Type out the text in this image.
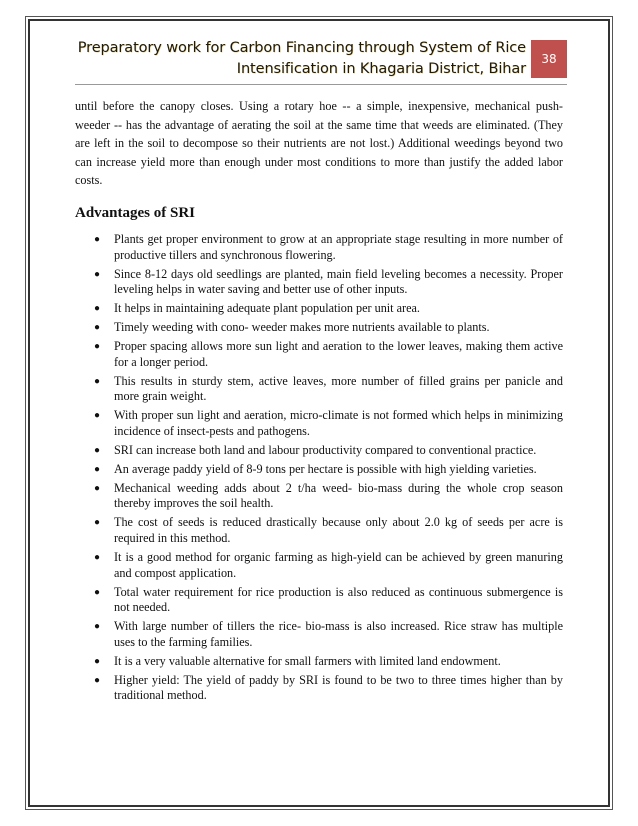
Preparatory work for Carbon Financing through System of Rice
Intensification in Khagaria District, Bihar
38

until before the canopy closes. Using a rotary hoe -- a simple, inexpensive, mechanical push-weeder -- has the advantage of aerating the soil at the same time that weeds are eliminated. (They are left in the soil to decompose so their nutrients are not lost.) Additional weedings beyond two can increase yield more than enough under most conditions to more than justify the added labor costs.

Advantages of SRI
● Plants get proper environment to grow at an appropriate stage resulting in more number of productive tillers and synchronous flowering.
● Since 8-12 days old seedlings are planted, main field leveling becomes a necessity. Proper leveling helps in water saving and better use of other inputs.
● It helps in maintaining adequate plant population per unit area.
● Timely weeding with cono- weeder makes more nutrients available to plants.
● Proper spacing allows more sun light and aeration to the lower leaves, making them active for a longer period.
● This results in sturdy stem, active leaves, more number of filled grains per panicle and more grain weight.
● With proper sun light and aeration, micro-climate is not formed which helps in minimizing incidence of insect-pests and pathogens.
● SRI can increase both land and labour productivity compared to conventional practice.
● An average paddy yield of 8-9 tons per hectare is possible with high yielding varieties.
● Mechanical weeding adds about 2 t/ha weed- bio-mass during the whole crop season thereby improves the soil health.
● The cost of seeds is reduced drastically because only about 2.0 kg of seeds per acre is required in this method.
● It is a good method for organic farming as high-yield can be achieved by green manuring and compost application.
● Total water requirement for rice production is also reduced as continuous submergence is not needed.
● With large number of tillers the rice- bio-mass is also increased. Rice straw has multiple uses to the farming families.
● It is a very valuable alternative for small farmers with limited land endowment.
● Higher yield: The yield of paddy by SRI is found to be two to three times higher than by traditional method.
